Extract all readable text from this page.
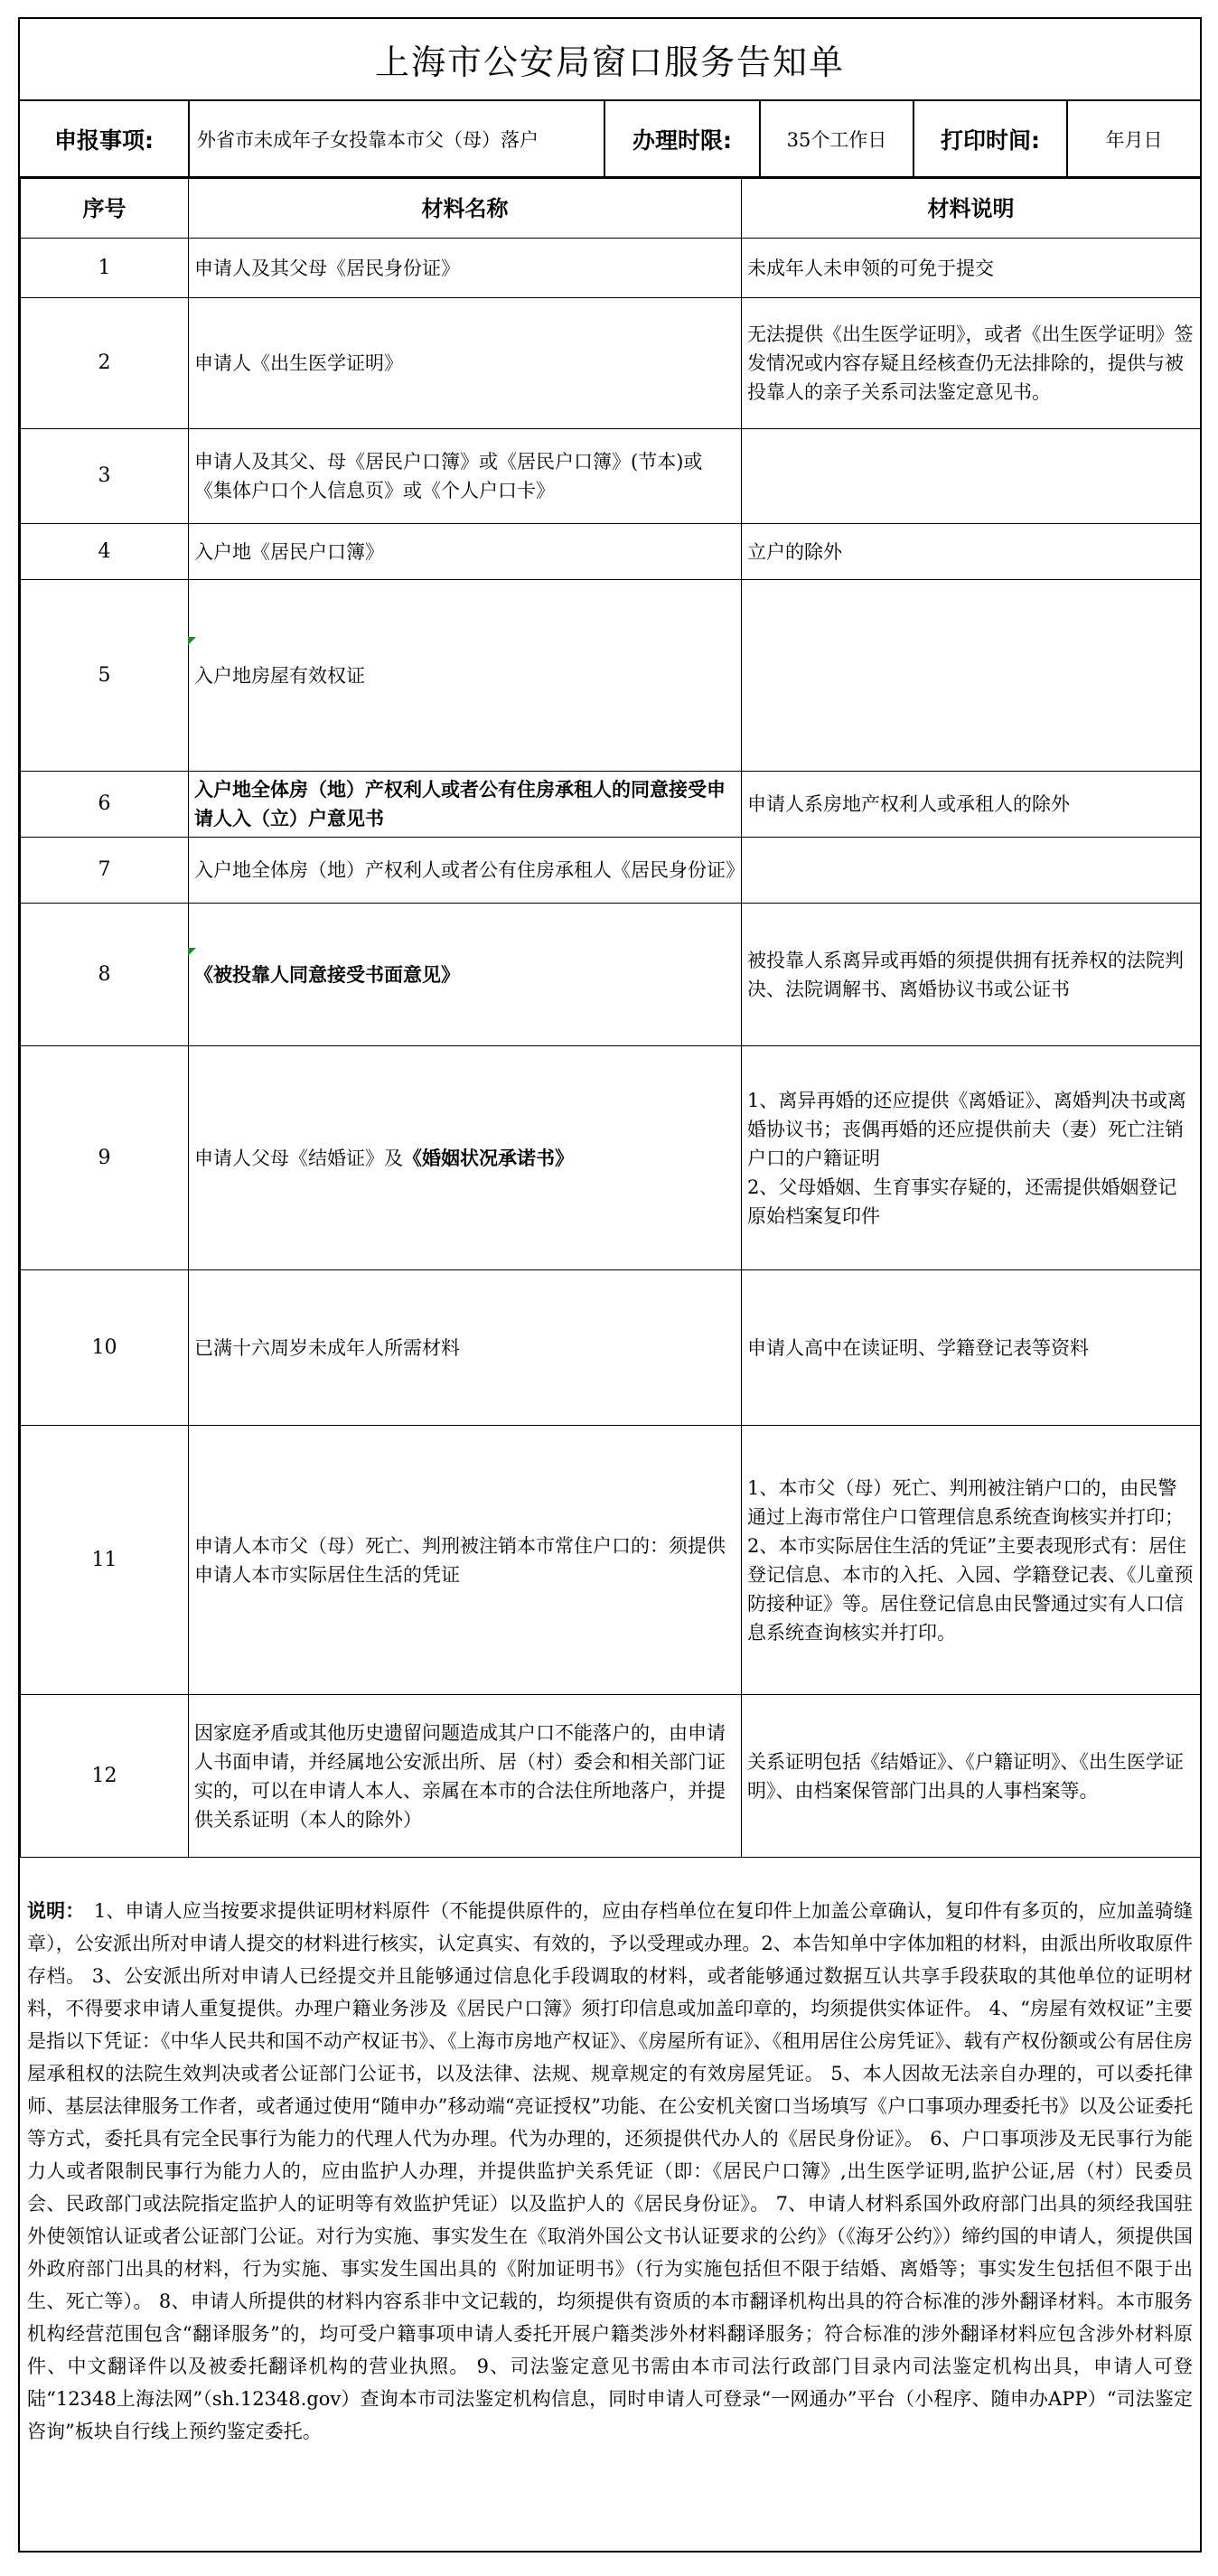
上海市公安局窗口服务告知单
申报事项:	外省市未成年子女投靠本市父（母）落户	办理时限:	35个工作日	打印时间:	年月日
序号	材料名称	材料说明
1	申请人及其父母《居民身份证》	未成年人未申领的可免于提交
2	申请人《出生医学证明》	无法提供《出生医学证明》，或者《出生医学证明》签发情况或内容存疑且经核查仍无法排除的，提供与被投靠人的亲子关系司法鉴定意见书。
3	申请人及其父、母《居民户口簿》或《居民户口簿》(节本)或《集体户口个人信息页》或《个人户口卡》	
4	入户地《居民户口簿》	立户的除外
5	入户地房屋有效权证	
6	入户地全体房（地）产权利人或者公有住房承租人的同意接受申请人入（立）户意见书	申请人系房地产权利人或承租人的除外
7	入户地全体房（地）产权利人或者公有住房承租人《居民身份证》	
8	《被投靠人同意接受书面意见》	被投靠人系离异或再婚的须提供拥有抚养权的法院判决、法院调解书、离婚协议书或公证书
9	申请人父母《结婚证》及《婚姻状况承诺书》	1、离异再婚的还应提供《离婚证》、离婚判决书或离婚协议书；丧偶再婚的还应提供前夫（妻）死亡注销户口的户籍证明
2、父母婚姻、生育事实存疑的，还需提供婚姻登记原始档案复印件

10	已满十六周岁未成年人所需材料	申请人高中在读证明、学籍登记表等资料
11	申请人本市父（母）死亡、判刑被注销本市常住户口的：须提供申请人本市实际居住生活的凭证	1、本市父（母）死亡、判刑被注销户口的，由民警通过上海市常住户口管理信息系统查询核实并打印；
2、本市实际居住生活的凭证”主要表现形式有：居住登记信息、本市的入托、入园、学籍登记表、《儿童预防接种证》等。居住登记信息由民警通过实有人口信息系统查询核实并打印。

12	因家庭矛盾或其他历史遗留问题造成其户口不能落户的，由申请人书面申请，并经属地公安派出所、居（村）委会和相关部门证实的，可以在申请人本人、亲属在本市的合法住所地落户，并提供关系证明（本人的除外）	关系证明包括《结婚证》、《户籍证明》、《出生医学证明》、由档案保管部门出具的人事档案等。
说明：　1、申请人应当按要求提供证明材料原件（不能提供原件的，应由存档单位在复印件上加盖公章确认，复印件有多页的，应加盖骑缝章），公安派出所对申请人提交的材料进行核实，认定真实、有效的，予以受理或办理。2、本告知单中字体加粗的材料，由派出所收取原件存档。 3、公安派出所对申请人已经提交并且能够通过信息化手段调取的材料，或者能够通过数据互认共享手段获取的其他单位的证明材料，不得要求申请人重复提供。办理户籍业务涉及《居民户口簿》须打印信息或加盖印章的，均须提供实体证件。 4、“房屋有效权证”主要是指以下凭证：《中华人民共和国不动产权证书》、《上海市房地产权证》、《房屋所有证》、《租用居住公房凭证》、载有产权份额或公有居住房屋承租权的法院生效判决或者公证部门公证书，以及法律、法规、规章规定的有效房屋凭证。 5、本人因故无法亲自办理的，可以委托律师、基层法律服务工作者，或者通过使用“随申办”移动端“亮证授权”功能、在公安机关窗口当场填写《户口事项办理委托书》以及公证委托等方式，委托具有完全民事行为能力的代理人代为办理。代为办理的，还须提供代办人的《居民身份证》。 6、户口事项涉及无民事行为能力人或者限制民事行为能力人的，应由监护人办理，并提供监护关系凭证（即：《居民户口簿》,出生医学证明,监护公证,居（村）民委员会、民政部门或法院指定监护人的证明等有效监护凭证）以及监护人的《居民身份证》。 7、申请人材料系国外政府部门出具的须经我国驻外使领馆认证或者公证部门公证。对行为实施、事实发生在《取消外国公文书认证要求的公约》（《海牙公约》）缔约国的申请人，须提供国外政府部门出具的材料，行为实施、事实发生国出具的《附加证明书》（行为实施包括但不限于结婚、离婚等；事实发生包括但不限于出生、死亡等）。 8、申请人所提供的材料内容系非中文记载的，均须提供有资质的本市翻译机构出具的符合标准的涉外翻译材料。本市服务机构经营范围包含“翻译服务”的，均可受户籍事项申请人委托开展户籍类涉外材料翻译服务；符合标准的涉外翻译材料应包含涉外材料原件、中文翻译件以及被委托翻译机构的营业执照。 9、司法鉴定意见书需由本市司法行政部门目录内司法鉴定机构出具，申请人可登陆“12348上海法网”（sh.12348.gov）查询本市司法鉴定机构信息，同时申请人可登录“一网通办”平台（小程序、随申办APP）“司法鉴定咨询”板块自行线上预约鉴定委托。
